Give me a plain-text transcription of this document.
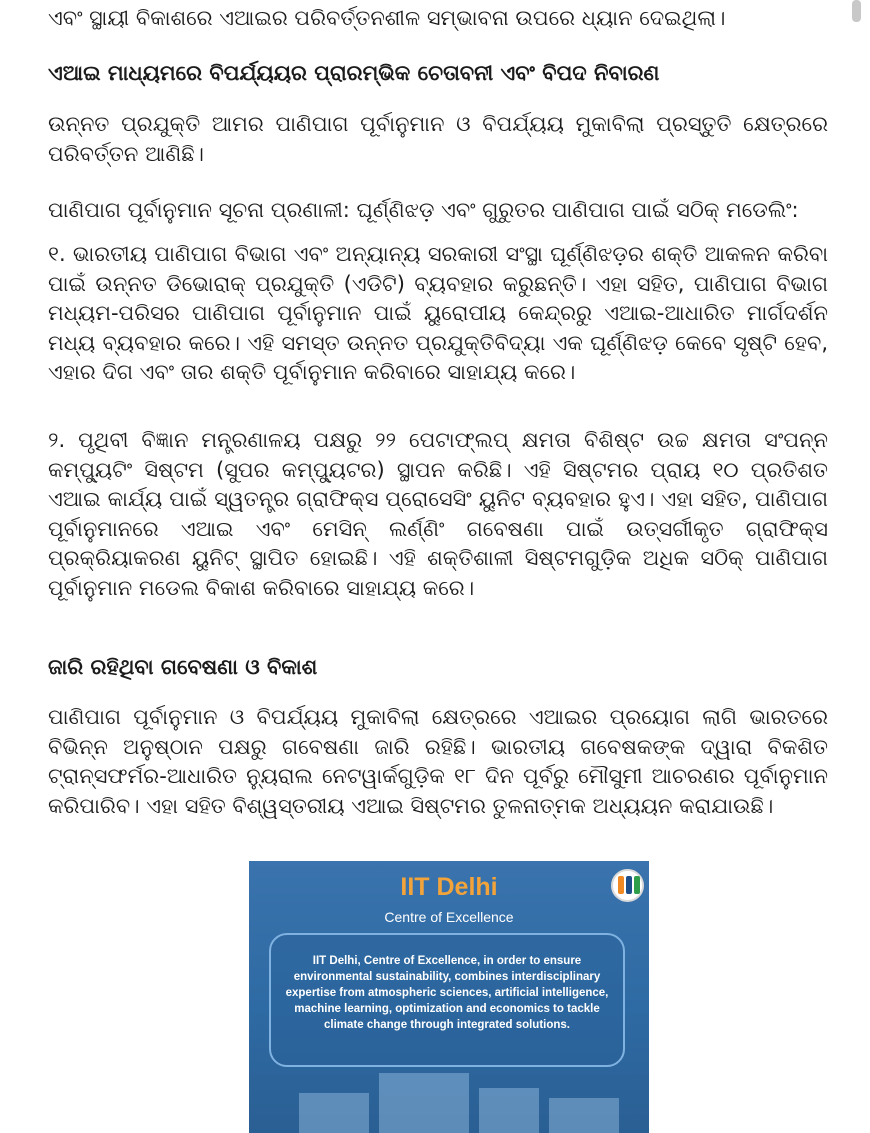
ଏବଂ ସ୍ଥାୟୀ ବିକାଶରେ ଏଆଇର ପରିବର୍ତ୍ତନଶୀଳ ସମ୍ଭାବନା ଉପରେ ଧ୍ୟାନ ଦେଇଥିଲା।

ଏଆଇ ମାଧ୍ୟମରେ ବିପର୍ଯ୍ୟୟର ପ୍ରାରମ୍ଭିକ ଚେତାବନୀ ଏବଂ ବିପଦ ନିବାରଣ

ଉନ୍ନତ ପ୍ରଯୁକ୍ତି ଆମର ପାଣିପାଗ ପୂର୍ବାନୁମାନ ଓ ବିପର୍ଯ୍ୟୟ ମୁକାବିଲା ପ୍ରସ୍ତୁତି କ୍ଷେତ୍ରରେ ପରିବର୍ତ୍ତନ ଆଣିଛି।

ପାଣିପାଗ ପୂର୍ବାନୁମାନ ସୂଚନା ପ୍ରଣାଳୀ: ଘୂର୍ଣ୍ଣିଝଡ଼ ଏବଂ ଗୁରୁତର ପାଣିପାଗ ପାଇଁ ସଠିକ୍ ମଡେଲିଂ:

୧. ଭାରତୀୟ ପାଣିପାଗ ବିଭାଗ ଏବଂ ଅନ୍ୟାନ୍ୟ ସରକାରୀ ସଂସ୍ଥା ଘୂର୍ଣ୍ଣିଝଡ଼ର ଶକ୍ତି ଆକଳନ କରିବା ପାଇଁ ଉନ୍ନତ ଡିଭୋରାକ୍ ପ୍ରଯୁକ୍ତି (ଏଡିଟି) ବ୍ୟବହାର କରୁଛନ୍ତି। ଏହା ସହିତ, ପାଣିପାଗ ବିଭାଗ ମଧ୍ୟମ-ପରିସର ପାଣିପାଗ ପୂର୍ବାନୁମାନ ପାଇଁ ୟୁରୋପୀୟ କେନ୍ଦ୍ରରୁ ଏଆଇ-ଆଧାରିତ ମାର୍ଗଦର୍ଶନ ମଧ୍ୟ ବ୍ୟବହାର କରେ। ଏହି ସମସ୍ତ ଉନ୍ନତ ପ୍ରଯୁକ୍ତିବିଦ୍ୟା ଏକ ଘୂର୍ଣ୍ଣିଝଡ଼ କେବେ ସୃଷ୍ଟି ହେବ, ଏହାର ଦିଗ ଏବଂ ତାର ଶକ୍ତି ପୂର୍ବାନୁମାନ କରିବାରେ ସାହାଯ୍ୟ କରେ।

୨. ପୃଥିବୀ ବିଜ୍ଞାନ ମନ୍ତ୍ରଣାଳୟ ପକ୍ଷରୁ ୨୨ ପେଟାଫ୍ଲପ୍ କ୍ଷମତା ବିଶିଷ୍ଟ ଉଚ୍ଚ କ୍ଷମତା ସଂପନ୍ନ କମ୍ପ୍ୟୁଟିଂ ସିଷ୍ଟମ (ସୁପର କମ୍ପ୍ୟୁଟର) ସ୍ଥାପନ କରିଛି। ଏହି ସିଷ୍ଟମର ପ୍ରାୟ ୧୦ ପ୍ରତିଶତ ଏଆଇ କାର୍ଯ୍ୟ ପାଇଁ ସ୍ୱତନ୍ତ୍ର ଗ୍ରାଫିକ୍ସ ପ୍ରୋସେସିଂ ୟୁନିଟ ବ୍ୟବହାର ହୁଏ। ଏହା ସହିତ, ପାଣିପାଗ ପୂର୍ବାନୁମାନରେ ଏଆଇ ଏବଂ ମେସିନ୍ ଲର୍ଣ୍ଣିଂ ଗବେଷଣା ପାଇଁ ଉତ୍ସର୍ଗୀକୃତ ଗ୍ରାଫିକ୍ସ ପ୍ରକ୍ରିୟାକରଣ ୟୁନିଟ୍ ସ୍ଥାପିତ ହୋଇଛି। ଏହି ଶକ୍ତିଶାଳୀ ସିଷ୍ଟମଗୁଡ଼ିକ ଅଧିକ ସଠିକ୍ ପାଣିପାଗ ପୂର୍ବାନୁମାନ ମଡେଲ ବିକାଶ କରିବାରେ ସାହାଯ୍ୟ କରେ।

ଜାରି ରହିଥିବା ଗବେଷଣା ଓ ବିକାଶ

ପାଣିପାଗ ପୂର୍ବାନୁମାନ ଓ ବିପର୍ଯ୍ୟୟ ମୁକାବିଲା କ୍ଷେତ୍ରରେ ଏଆଇର ପ୍ରୟୋଗ ଲାଗି ଭାରତରେ ବିଭିନ୍ନ ଅନୁଷ୍ଠାନ ପକ୍ଷରୁ ଗବେଷଣା ଜାରି ରହିଛି। ଭାରତୀୟ ଗବେଷକଙ୍କ ଦ୍ୱାରା ବିକଶିତ ଟ୍ରାନ୍ସଫର୍ମର-ଆଧାରିତ ନ୍ୟୁରାଲ ନେଟୱାର୍କଗୁଡ଼ିକ ୧୮ ଦିନ ପୂର୍ବରୁ ମୌସୁମୀ ଆଚରଣର ପୂର୍ବାନୁମାନ କରିପାରିବ। ଏହା ସହିତ ବିଶ୍ୱସ୍ତରୀୟ ଏଆଇ ସିଷ୍ଟମର ତୁଳନାତ୍ମକ ଅଧ୍ୟୟନ କରାଯାଉଛି।

IIT Delhi
Centre of Excellence
IIT Delhi, Centre of Excellence, in order to ensure environmental sustainability, combines interdisciplinary expertise from atmospheric sciences, artificial intelligence, machine learning, optimization and economics to tackle climate change through integrated solutions.
